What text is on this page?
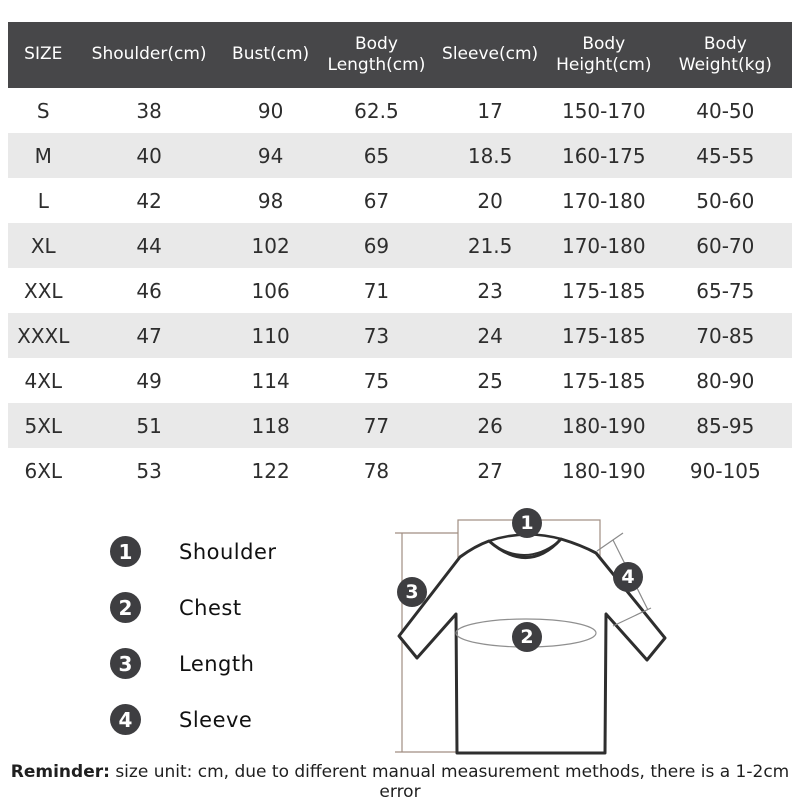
SIZE	Shoulder(cm)	Bust(cm)	Body Length(cm)	Sleeve(cm)	Body Height(cm)	Body Weight(kg)
S	38	90	62.5	17	150-170	40-50
M	40	94	65	18.5	160-175	45-55
L	42	98	67	20	170-180	50-60
XL	44	102	69	21.5	170-180	60-70
XXL	46	106	71	23	175-185	65-75
XXXL	47	110	73	24	175-185	70-85
4XL	49	114	75	25	175-185	80-90
5XL	51	118	77	26	180-190	85-95
6XL	53	122	78	27	180-190	90-105
1	Shoulder
2	Chest
3	Length
4	Sleeve
1
2
3
4
Reminder: size unit: cm, due to different manual measurement methods, there is a 1-2cm error
